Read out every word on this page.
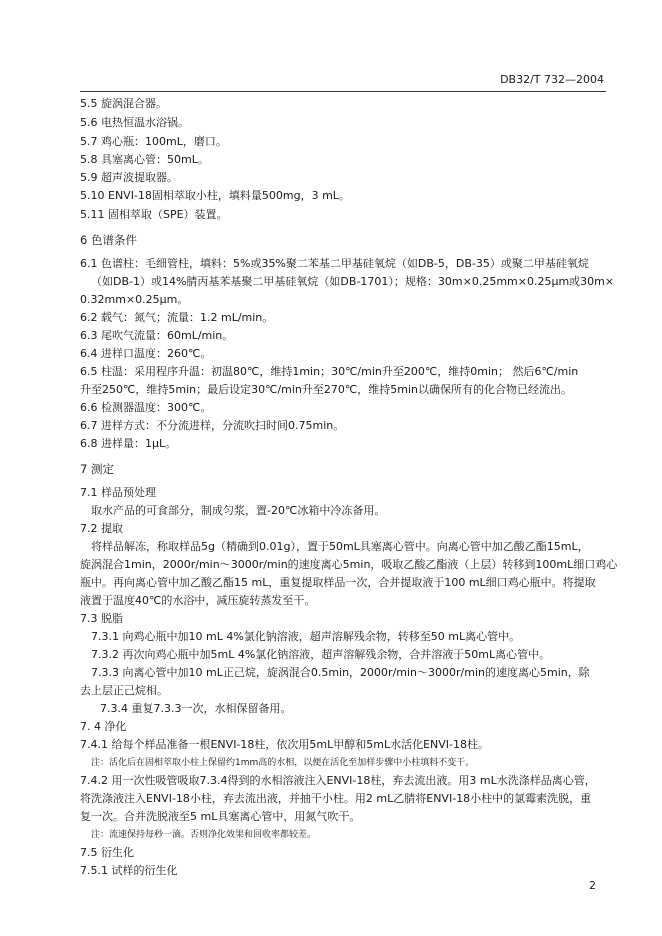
DB32/T 732—2004
5.5 旋涡混合器。
5.6 电热恒温水浴锅。
5.7 鸡心瓶：100mL，磨口。
5.8 具塞离心管：50mL。
5.9 超声波提取器。
5.10 ENVI-18固相萃取小柱，填料量500mg，3 mL。
5.11 固相萃取（SPE）装置。
6 色谱条件
6.1 色谱柱：毛细管柱，填料：5%或35%聚二苯基二甲基硅氧烷（如DB-5，DB-35）或聚二甲基硅氧烷
（如DB-1）或14%腈丙基苯基聚二甲基硅氧烷（如DB-1701）；规格：30m×0.25mm×0.25μm或30m×
0.32mm×0.25μm。
6.2 载气：氮气；流量：1.2 mL/min。
6.3 尾吹气流量：60mL/min。
6.4 进样口温度：260℃。
6.5 柱温：采用程序升温：初温80℃，维持1min；30℃/min升至200℃，维持0min； 然后6℃/min
升至250℃，维持5min；最后设定30℃/min升至270℃，维持5min以确保所有的化合物已经流出。
6.6 检测器温度：300℃。
6.7 进样方式：不分流进样，分流吹扫时间0.75min。
6.8 进样量：1μL。
7 测定
7.1 样品预处理
取水产品的可食部分，制成匀浆，置-20℃冰箱中冷冻备用。
7.2 提取
将样品解冻，称取样品5g（精确到0.01g），置于50mL具塞离心管中。向离心管中加乙酸乙酯15mL，
旋涡混合1min，2000r/min～3000r/min的速度离心5min，吸取乙酸乙酯液（上层）转移到100mL细口鸡心
瓶中。再向离心管中加乙酸乙酯15 mL，重复提取样品一次，合并提取液于100 mL细口鸡心瓶中。将提取
液置于温度40℃的水浴中，减压旋转蒸发至干。
7.3 脱脂
7.3.1 向鸡心瓶中加10 mL 4%氯化钠溶液，超声溶解残余物，转移至50 mL离心管中。
7.3.2 再次向鸡心瓶中加5mL 4%氯化钠溶液，超声溶解残余物，合并溶液于50mL离心管中。
7.3.3 向离心管中加10 mL正己烷，旋涡混合0.5min，2000r/min～3000r/min的速度离心5min，除
去上层正己烷相。
7.3.4 重复7.3.3一次，水相保留备用。
7. 4 净化
7.4.1 给每个样品准备一根ENVI-18柱，依次用5mL甲醇和5mL水活化ENVI-18柱。
注：活化后在固相萃取小柱上保留约1mm高的水相，以便在活化至加样步骤中小柱填料不变干。
7.4.2 用一次性吸管吸取7.3.4得到的水相溶液注入ENVI-18柱，弃去流出液。用3 mL水洗涤样品离心管，
将洗涤液注入ENVI-18小柱，弃去流出液，并抽干小柱。用2 mL乙腈将ENVI-18小柱中的氯霉素洗脱，重
复一次。合并洗脱液至5 mL具塞离心管中，用氮气吹干。
注：流速保持每秒一滴。否则净化效果和回收率都较差。
7.5 衍生化
7.5.1 试样的衍生化
2
